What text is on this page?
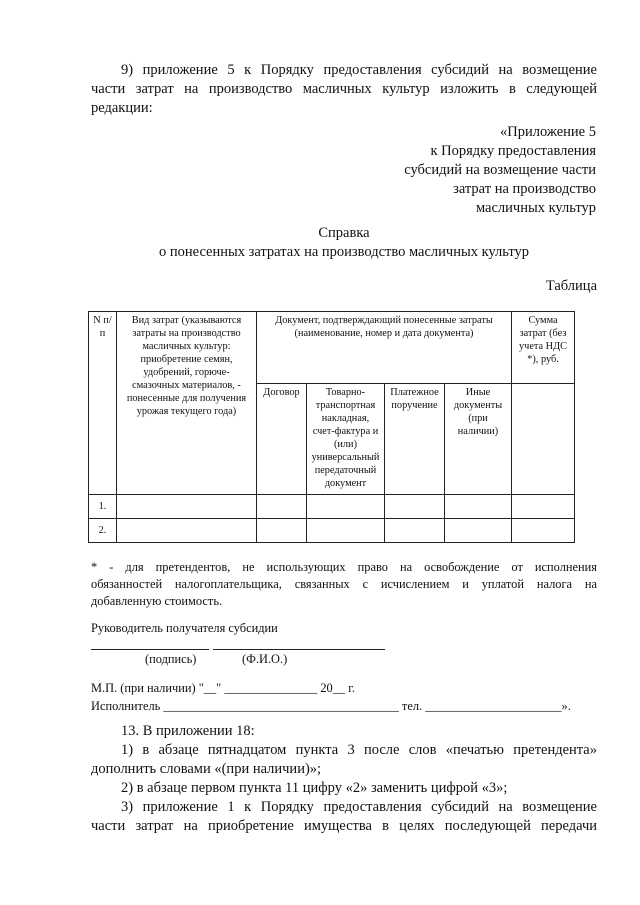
9) приложение 5 к Порядку предоставления субсидий на возмещение
части затрат на производство масличных культур изложить в следующей
редакции:
«Приложение 5
к Порядку предоставления
субсидий на возмещение части
затрат на производство
масличных культур
Справка
о понесенных затратах на производство масличных культур
Таблица
N п/п	Вид затрат (указываются затраты на производство масличных культур: приобретение семян, удобрений, горюче-смазочных материалов, - понесенные для получения урожая текущего года)	Документ, подтверждающий понесенные затраты (наименование, номер и дата документа)				Сумма затрат (без учета НДС *), руб.
		Договор	Товарно-транспортная накладная, счет-фактура и (или) универсальный передаточный документ	Платежное поручение	Иные документы (при наличии)	
1.						
2.						
* - для претендентов, не использующих право на освобождение от исполнения
обязанностей налогоплательщика, связанных с исчислением и уплатой налога на
добавленную стоимость.
Руководитель получателя субсидии
(подпись)	(Ф.И.О.)
М.П. (при наличии) "__" _______________ 20__ г.
Исполнитель ______________________________________ тел. ______________________».
13. В приложении 18:
1) в абзаце пятнадцатом пункта 3 после слов «печатью претендента»
дополнить словами «(при наличии)»;
2) в абзаце первом пункта 11 цифру «2» заменить цифрой «3»;
3) приложение 1 к Порядку предоставления субсидий на возмещение
части затрат на приобретение имущества в целях последующей передачи
